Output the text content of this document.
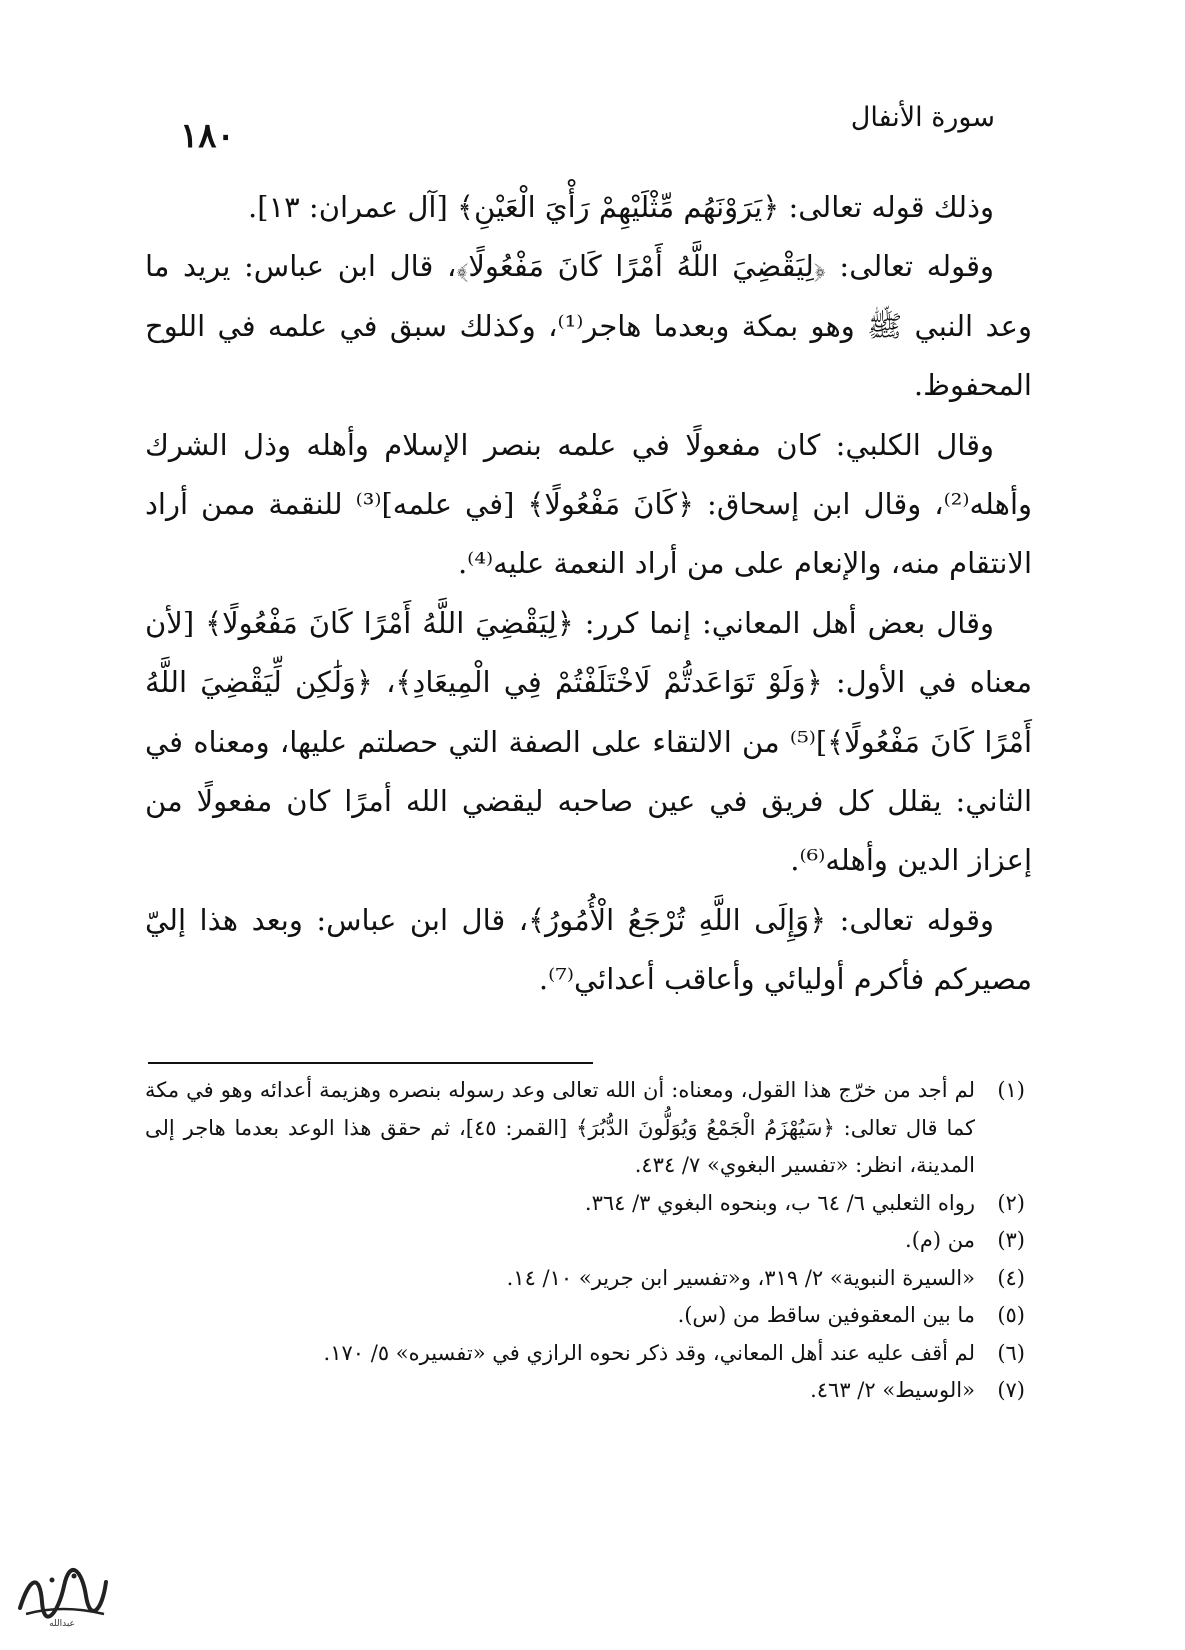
سورة الأنفال
١٨٠

وذلك قوله تعالى: ﴿يَرَوْنَهُم مِّثْلَيْهِمْ رَأْيَ الْعَيْنِ﴾ [آل عمران: ١٣].

وقوله تعالى: ﴿لِيَقْضِيَ اللَّهُ أَمْرًا كَانَ مَفْعُولًا﴾، قال ابن عباس: يريد ما وعد النبي ﷺ وهو بمكة وبعدما هاجر⁽¹⁾، وكذلك سبق في علمه في اللوح المحفوظ.

وقال الكلبي: كان مفعولًا في علمه بنصر الإسلام وأهله وذل الشرك وأهله⁽²⁾، وقال ابن إسحاق: ﴿كَانَ مَفْعُولًا﴾ [في علمه]⁽³⁾ للنقمة ممن أراد الانتقام منه، والإنعام على من أراد النعمة عليه⁽⁴⁾.

وقال بعض أهل المعاني: إنما كرر: ﴿لِيَقْضِيَ اللَّهُ أَمْرًا كَانَ مَفْعُولًا﴾ [لأن معناه في الأول: ﴿وَلَوْ تَوَاعَدتُّمْ لَاخْتَلَفْتُمْ فِي الْمِيعَادِ﴾، ﴿وَلَٰكِن لِّيَقْضِيَ اللَّهُ أَمْرًا كَانَ مَفْعُولًا﴾]⁽⁵⁾ من الالتقاء على الصفة التي حصلتم عليها، ومعناه في الثاني: يقلل كل فريق في عين صاحبه ليقضي الله أمرًا كان مفعولًا من إعزاز الدين وأهله⁽⁶⁾.

وقوله تعالى: ﴿وَإِلَى اللَّهِ تُرْجَعُ الْأُمُورُ﴾، قال ابن عباس: وبعد هذا إليّ مصيركم فأكرم أوليائي وأعاقب أعدائي⁽⁷⁾.

(١)
لم أجد من خرّج هذا القول، ومعناه: أن الله تعالى وعد رسوله بنصره وهزيمة أعدائه وهو في مكة كما قال تعالى: ﴿سَيُهْزَمُ الْجَمْعُ وَيُوَلُّونَ الدُّبُرَ﴾ [القمر: ٤٥]، ثم حقق هذا الوعد بعدما هاجر إلى المدينة، انظر: «تفسير البغوي» ٧/ ٤٣٤.
(٢)
رواه الثعلبي ٦/ ٦٤ ب، وبنحوه البغوي ٣/ ٣٦٤.
(٣)
من (م).
(٤)
«السيرة النبوية» ٢/ ٣١٩، و«تفسير ابن جرير» ١٠/ ١٤.
(٥)
ما بين المعقوفين ساقط من (س).
(٦)
لم أقف عليه عند أهل المعاني، وقد ذكر نحوه الرازي في «تفسيره» ٥/ ١٧٠.
(٧)
«الوسيط» ٢/ ٤٦٣.
عبدالله
